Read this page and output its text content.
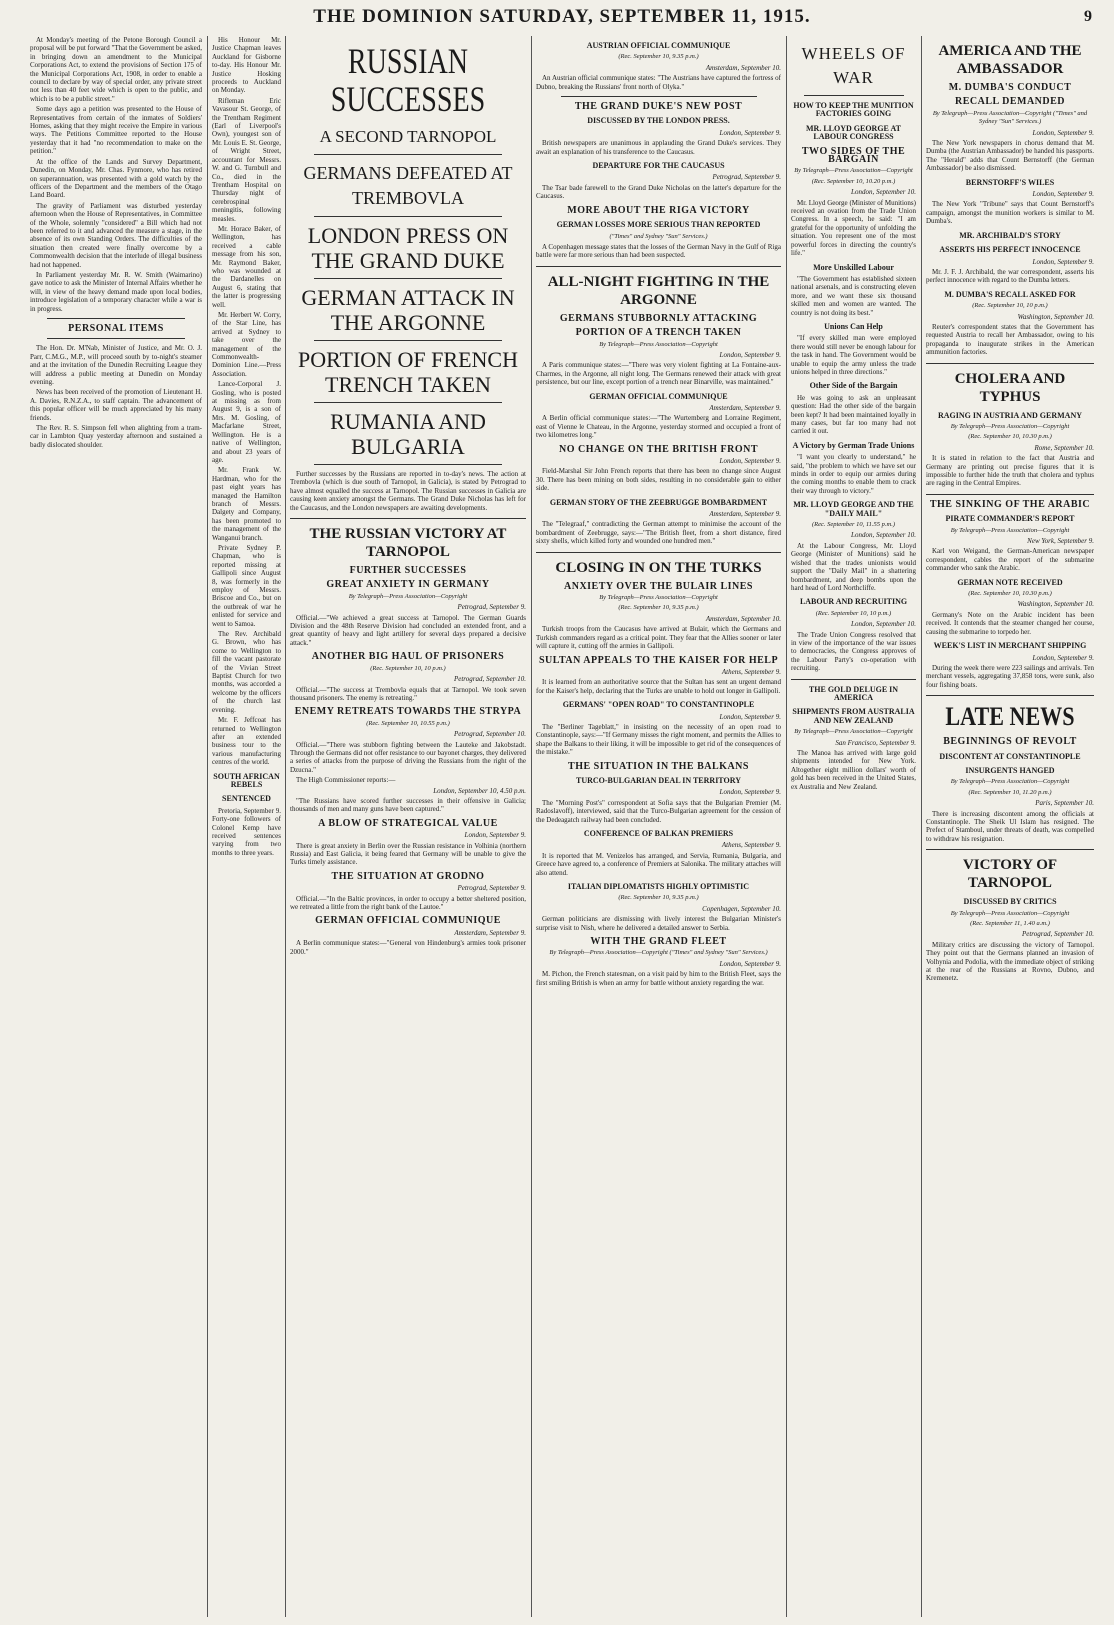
THE DOMINION SATURDAY, SEPTEMBER 11, 1915.	9

At Monday's meeting of the Petone Borough Council a proposal will be put forward "That the Government be asked, in bringing down an amendment to the Municipal Corporations Act, to extend the provisions of Section 175 of the Municipal Corporations Act, 1908, in order to enable a council to declare by way of special order, any private street not less than 40 feet wide which is open to the public, and which is to be a public street."

Some days ago a petition was presented to the House of Representatives from certain of the inmates of Soldiers' Homes, asking that they might receive the Empire in various ways. The Petitions Committee reported to the House yesterday that it had "no recommendation to make on the petition."

At the office of the Lands and Survey Department, Dunedin, on Monday, Mr. Chas. Fynmore, who has retired on superannuation, was presented with a gold watch by the officers of the Department and the members of the Otago Land Board.

The gravity of Parliament was disturbed yesterday afternoon when the House of Representatives, in Committee of the Whole, solemnly "considered" a Bill which had not been referred to it and advanced the measure a stage, in the absence of its own Standing Orders. The difficulties of the situation then created were finally overcome by a Commonwealth decision that the interlude of illegal business had not happened.

In Parliament yesterday Mr. R. W. Smith (Waimarino) gave notice to ask the Minister of Internal Affairs whether he will, in view of the heavy demand made upon local bodies, introduce legislation of a temporary character while a war is in progress.

PERSONAL ITEMS

The Hon. Dr. M'Nab, Minister of Justice, and Mr. O. J. Parr, C.M.G., M.P., will proceed south by to-night's steamer and at the invitation of the Dunedin Recruiting League they will address a public meeting at Dunedin on Monday evening.

News has been received of the promotion of Lieutenant H. A. Davies, R.N.Z.A., to staff captain. The advancement of this popular officer will be much appreciated by his many friends.

The Rev. R. S. Simpson fell when alighting from a tram-car in Lambton Quay yesterday afternoon and sustained a badly dislocated shoulder.

His Honour Mr. Justice Chapman leaves Auckland for Gisborne to-day. His Honour Mr. Justice Hosking proceeds to Auckland on Monday.

Rifleman Eric Vavasour St. George, of the Trentham Regiment (Earl of Liverpool's Own), youngest son of Mr. Louis E. St. George, of Wright Street, accountant for Messrs. W. and G. Turnbull and Co., died in the Trentham Hospital on Thursday night of cerebrospinal meningitis, following measles.

Mr. Horace Baker, of Wellington, has received a cable message from his son, Mr. Raymond Baker, who was wounded at the Dardanelles on August 6, stating that the latter is progressing well.

Mr. Herbert W. Corry, of the Star Line, has arrived at Sydney to take over the management of the Commonwealth-Dominion Line.—Press Association.

Lance-Corporal J. Gosling, who is posted at missing as from August 9, is a son of Mrs. M. Gosling, of Macfarlane Street, Wellington. He is a native of Wellington, and about 23 years of age.

Mr. Frank W. Hardman, who for the past eight years has managed the Hamilton branch of Messrs. Dalgety and Company, has been promoted to the management of the Wanganui branch.

Private Sydney P. Chapman, who is reported missing at Gallipoli since August 8, was formerly in the employ of Messrs. Briscoe and Co., but on the outbreak of war he enlisted for service and went to Samoa.

The Rev. Archibald G. Brown, who has come to Wellington to fill the vacant pastorate of the Vivian Street Baptist Church for two months, was accorded a welcome by the officers of the church last evening.

Mr. F. Jeffcoat has returned to Wellington after an extended business tour to the various manufacturing centres of the world.

SOUTH AFRICAN REBELS
SENTENCED

Pretoria, September 9. Forty-one followers of Colonel Kemp have received sentences varying from two months to three years.

RUSSIAN SUCCESSES
A SECOND TARNOPOL
GERMANS DEFEATED AT TREMBOVLA
LONDON PRESS ON THE GRAND DUKE
GERMAN ATTACK IN THE ARGONNE
PORTION OF FRENCH TRENCH TAKEN
RUMANIA AND BULGARIA

Further successes by the Russians are reported in to-day's news. The action at Trembovla (which is due south of Tarnopol, in Galicia), is stated by Petrograd to have almost equalled the success at Tarnopol. The Russian successes in Galicia are causing keen anxiety amongst the Germans. The Grand Duke Nicholas has left for the Caucasus, and the London newspapers are awaiting developments.

THE RUSSIAN VICTORY AT TARNOPOL
FURTHER SUCCESSES
GREAT ANXIETY IN GERMANY
By Telegraph—Press Association—Copyright
Petrograd, September 9.

Official.—"We achieved a great success at Tarnopol. The German Guards Division and the 48th Reserve Division had concluded an extended front, and a great quantity of heavy and light artillery for several days prepared a decisive attack."

ANOTHER BIG HAUL OF PRISONERS
(Rec. September 10, 10 p.m.)
Petrograd, September 10.

Official.—"The success at Trembovla equals that at Tarnopol. We took seven thousand prisoners. The enemy is retreating."

ENEMY RETREATS TOWARDS THE STRYPA
(Rec. September 10, 10.55 p.m.)
Petrograd, September 10.

Official.—"There was stubborn fighting between the Lauteke and Jakobstadt. Through the Germans did not offer resistance to our bayonet charges, they delivered a series of attacks from the purpose of driving the Russians from the right of the Dzucna."

The High Commissioner reports:—

London, September 10, 4.50 p.m.

"The Russians have scored further successes in their offensive in Galicia; thousands of men and many guns have been captured."

A BLOW OF STRATEGICAL VALUE
London, September 9.

There is great anxiety in Berlin over the Russian resistance in Volhinia (northern Russia) and East Galicia, it being feared that Germany will be unable to give the Turks timely assistance.

THE SITUATION AT GRODNO
Petrograd, September 9.

Official.—"In the Baltic provinces, in order to occupy a better sheltered position, we retreated a little from the right bank of the Lautoe."

GERMAN OFFICIAL COMMUNIQUE
Amsterdam, September 9.

A Berlin communique states:—"General von Hindenburg's armies took prisoner 2000."

AUSTRIAN OFFICIAL COMMUNIQUE
(Rec. September 10, 9.35 p.m.)
Amsterdam, September 10.

An Austrian official communique states: "The Austrians have captured the fortress of Dubno, breaking the Russians' front north of Olyka."

THE GRAND DUKE'S NEW POST
DISCUSSED BY THE LONDON PRESS.
London, September 9.

British newspapers are unanimous in applauding the Grand Duke's services. They await an explanation of his transference to the Caucasus.

DEPARTURE FOR THE CAUCASUS
Petrograd, September 9.

The Tsar bade farewell to the Grand Duke Nicholas on the latter's departure for the Caucasus.

MORE ABOUT THE RIGA VICTORY
GERMAN LOSSES MORE SERIOUS THAN REPORTED
("Times" and Sydney "Sun" Services.)

A Copenhagen message states that the losses of the German Navy in the Gulf of Riga battle were far more serious than had been suspected.

ALL-NIGHT FIGHTING IN THE ARGONNE
GERMANS STUBBORNLY ATTACKING
PORTION OF A TRENCH TAKEN
By Telegraph—Press Association—Copyright
London, September 9.

A Paris communique states:—"There was very violent fighting at La Fontaine-aux-Charmes, in the Argonne, all night long. The Germans renewed their attack with great persistence, but our line, except portion of a trench near Binarville, was maintained."

GERMAN OFFICIAL COMMUNIQUE
Amsterdam, September 9.

A Berlin official communique states:—"The Wurtemberg and Lorraine Regiment, east of Vienne le Chateau, in the Argonne, yesterday stormed and occupied a front of two kilometres long."

NO CHANGE ON THE BRITISH FRONT
London, September 9.

Field-Marshal Sir John French reports that there has been no change since August 30. There has been mining on both sides, resulting in no considerable gain to either side.

GERMAN STORY OF THE ZEEBRUGGE BOMBARDMENT
Amsterdam, September 9.

The "Telegraaf," contradicting the German attempt to minimise the account of the bombardment of Zeebrugge, says:—"The British fleet, from a short distance, fired sixty shells, which killed forty and wounded one hundred men."

CLOSING IN ON THE TURKS
ANXIETY OVER THE BULAIR LINES
By Telegraph—Press Association—Copyright
(Rec. September 10, 9.35 p.m.)
Amsterdam, September 10.

Turkish troops from the Caucasus have arrived at Bulair, which the Germans and Turkish commanders regard as a critical point. They fear that the Allies sooner or later will capture it, cutting off the armies in Gallipoli.

SULTAN APPEALS TO THE KAISER FOR HELP
Athens, September 9.

It is learned from an authoritative source that the Sultan has sent an urgent demand for the Kaiser's help, declaring that the Turks are unable to hold out longer in Gallipoli.

GERMANS' "OPEN ROAD" TO CONSTANTINOPLE
London, September 9.

The "Berliner Tageblatt," in insisting on the necessity of an open road to Constantinople, says:—"If Germany misses the right moment, and permits the Allies to shape the Balkans to their liking, it will be impossible to get rid of the consequences of the mistake."

THE SITUATION IN THE BALKANS
TURCO-BULGARIAN DEAL IN TERRITORY
London, September 9.

The "Morning Post's" correspondent at Sofia says that the Bulgarian Premier (M. Radoslavoff), interviewed, said that the Turco-Bulgarian agreement for the cession of the Dedeagatch railway had been concluded.

CONFERENCE OF BALKAN PREMIERS
Athens, September 9.

It is reported that M. Venizelos has arranged, and Servia, Rumania, Bulgaria, and Greece have agreed to, a conference of Premiers at Salonika. The military attaches will also attend.

ITALIAN DIPLOMATISTS HIGHLY OPTIMISTIC
(Rec. September 10, 9.35 p.m.)
Copenhagen, September 10.

German politicians are dismissing with lively interest the Bulgarian Minister's surprise visit to Nish, where he delivered a detailed answer to Serbia.

WITH THE GRAND FLEET
By Telegraph—Press Association—Copyright ("Times" and Sydney "Sun" Services.)
London, September 9.

M. Pichon, the French statesman, on a visit paid by him to the British Fleet, says the first smiling British is when an army for battle without anxiety regarding the war.

WHEELS OF WAR
HOW TO KEEP THE MUNITION FACTORIES GOING
MR. LLOYD GEORGE AT LABOUR CONGRESS
TWO SIDES OF THE BARGAIN
By Telegraph—Press Association—Copyright
(Rec. September 10, 10.20 p.m.)
London, September 10.

Mr. Lloyd George (Minister of Munitions) received an ovation from the Trade Union Congress. In a speech, he said: "I am grateful for the opportunity of unfolding the situation. You represent one of the most powerful forces in directing the country's life."

More Unskilled Labour

"The Government has established sixteen national arsenals, and is constructing eleven more, and we want these six thousand skilled men and women are wanted. The country is not doing its best."

Unions Can Help

"If every skilled man were employed there would still never be enough labour for the task in hand. The Government would be unable to equip the army unless the trade unions helped in three directions."

Other Side of the Bargain

He was going to ask an unpleasant question: Had the other side of the bargain been kept? It had been maintained loyally in many cases, but far too many had not carried it out.

A Victory by German Trade Unions

"I want you clearly to understand," he said, "the problem to which we have set our minds in order to equip our armies during the coming months to enable them to crack their way through to victory."

MR. LLOYD GEORGE AND THE "DAILY MAIL"
(Rec. September 10, 11.55 p.m.)
London, September 10.

At the Labour Congress, Mr. Lloyd George (Minister of Munitions) said he wished that the trades unionists would support the "Daily Mail" in a shattering bombardment, and deep bombs upon the hard head of Lord Northcliffe.

LABOUR AND RECRUITING
(Rec. September 10, 10 p.m.)
London, September 10.

The Trade Union Congress resolved that in view of the importance of the war issues to democracies, the Congress approves of the Labour Party's co-operation with recruiting.

THE GOLD DELUGE IN AMERICA
SHIPMENTS FROM AUSTRALIA AND NEW ZEALAND
By Telegraph—Press Association—Copyright
San Francisco, September 9.

The Manoa has arrived with large gold shipments intended for New York. Altogether eight million dollars' worth of gold has been received in the United States, ex Australia and New Zealand.

AMERICA AND THE AMBASSADOR
M. DUMBA'S CONDUCT
RECALL DEMANDED
By Telegraph—Press Association—Copyright ("Times" and Sydney "Sun" Services.)
London, September 9.

The New York newspapers in chorus demand that M. Dumba (the Austrian Ambassador) be handed his passports. The "Herald" adds that Count Bernstorff (the German Ambassador) be also dismissed.

BERNSTORFF'S WILES
London, September 9.

The New York "Tribune" says that Count Bernstorff's campaign, amongst the munition workers is similar to M. Dumba's.

MR. ARCHIBALD'S STORY
ASSERTS HIS PERFECT INNOCENCE
London, September 9.

Mr. J. F. J. Archibald, the war correspondent, asserts his perfect innocence with regard to the Dumba letters.

M. DUMBA'S RECALL ASKED FOR
(Rec. September 10, 10 p.m.)
Washington, September 10.

Reuter's correspondent states that the Government has requested Austria to recall her Ambassador, owing to his propaganda to inaugurate strikes in the American ammunition factories.

CHOLERA AND TYPHUS
RAGING IN AUSTRIA AND GERMANY
By Telegraph—Press Association—Copyright
(Rec. September 10, 10.30 p.m.)
Rome, September 10.

It is stated in relation to the fact that Austria and Germany are printing out precise figures that it is impossible to further hide the truth that cholera and typhus are raging in the Central Empires.

THE SINKING OF THE ARABIC
PIRATE COMMANDER'S REPORT
By Telegraph—Press Association—Copyright
New York, September 9.

Karl von Weigand, the German-American newspaper correspondent, cables the report of the submarine commander who sank the Arabic.

GERMAN NOTE RECEIVED
(Rec. September 10, 10.30 p.m.)
Washington, September 10.

Germany's Note on the Arabic incident has been received. It contends that the steamer changed her course, causing the submarine to torpedo her.

WEEK'S LIST IN MERCHANT SHIPPING
London, September 9.

During the week there were 223 sailings and arrivals. Ten merchant vessels, aggregating 37,858 tons, were sunk, also four fishing boats.

LATE NEWS
BEGINNINGS OF REVOLT
DISCONTENT AT CONSTANTINOPLE
INSURGENTS HANGED
By Telegraph—Press Association—Copyright
(Rec. September 10, 11.20 p.m.)
Paris, September 10.

There is increasing discontent among the officials at Constantinople. The Sheik Ul Islam has resigned. The Prefect of Stamboul, under threats of death, was compelled to withdraw his resignation.

VICTORY OF TARNOPOL
DISCUSSED BY CRITICS
By Telegraph—Press Association—Copyright
(Rec. September 11, 1.40 a.m.)
Petrograd, September 10.

Military critics are discussing the victory of Tarnopol. They point out that the Germans planned an invasion of Volhynia and Podolia, with the immediate object of striking at the rear of the Russians at Rovno, Dubno, and Kremenetz.
